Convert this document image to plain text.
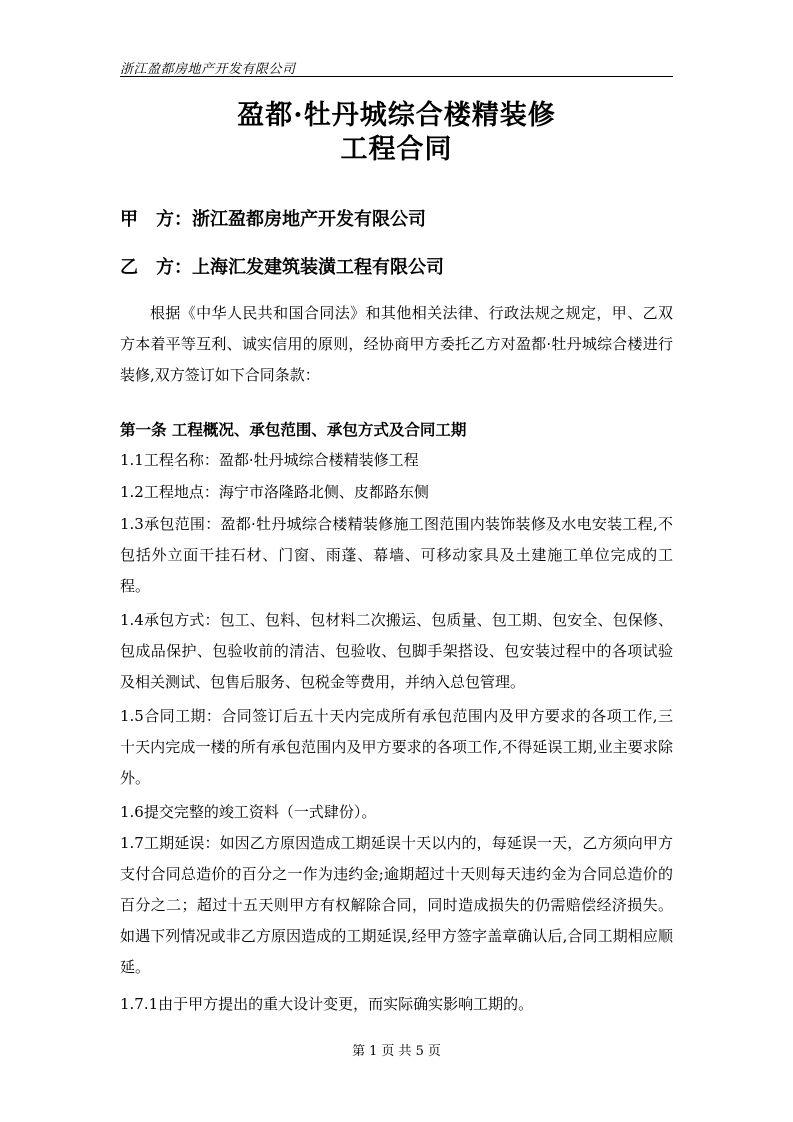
浙江盈都房地产开发有限公司
盈都·牡丹城综合楼精装修
工程合同
甲 方：浙江盈都房地产开发有限公司
乙 方：上海汇发建筑装潢工程有限公司
根据《中华人民共和国合同法》和其他相关法律、行政法规之规定，甲、乙双方本着平等互利、诚实信用的原则，经协商甲方委托乙方对盈都·牡丹城综合楼进行装修,双方签订如下合同条款：
第一条 工程概况、承包范围、承包方式及合同工期
1.1工程名称：盈都·牡丹城综合楼精装修工程
1.2工程地点：海宁市洛隆路北侧、皮都路东侧
1.3承包范围：盈都·牡丹城综合楼精装修施工图范围内装饰装修及水电安装工程,不包括外立面干挂石材、门窗、雨蓬、幕墙、可移动家具及土建施工单位完成的工程。
1.4承包方式：包工、包料、包材料二次搬运、包质量、包工期、包安全、包保修、包成品保护、包验收前的清洁、包验收、包脚手架搭设、包安装过程中的各项试验及相关测试、包售后服务、包税金等费用，并纳入总包管理。
1.5合同工期：合同签订后五十天内完成所有承包范围内及甲方要求的各项工作,三十天内完成一楼的所有承包范围内及甲方要求的各项工作,不得延误工期,业主要求除外。
1.6提交完整的竣工资料（一式肆份）。
1.7工期延误：如因乙方原因造成工期延误十天以内的，每延误一天，乙方须向甲方支付合同总造价的百分之一作为违约金;逾期超过十天则每天违约金为合同总造价的百分之二；超过十五天则甲方有权解除合同，同时造成损失的仍需赔偿经济损失。如遇下列情况或非乙方原因造成的工期延误,经甲方签字盖章确认后,合同工期相应顺延。
1.7.1由于甲方提出的重大设计变更，而实际确实影响工期的。
第 1 页 共 5 页
